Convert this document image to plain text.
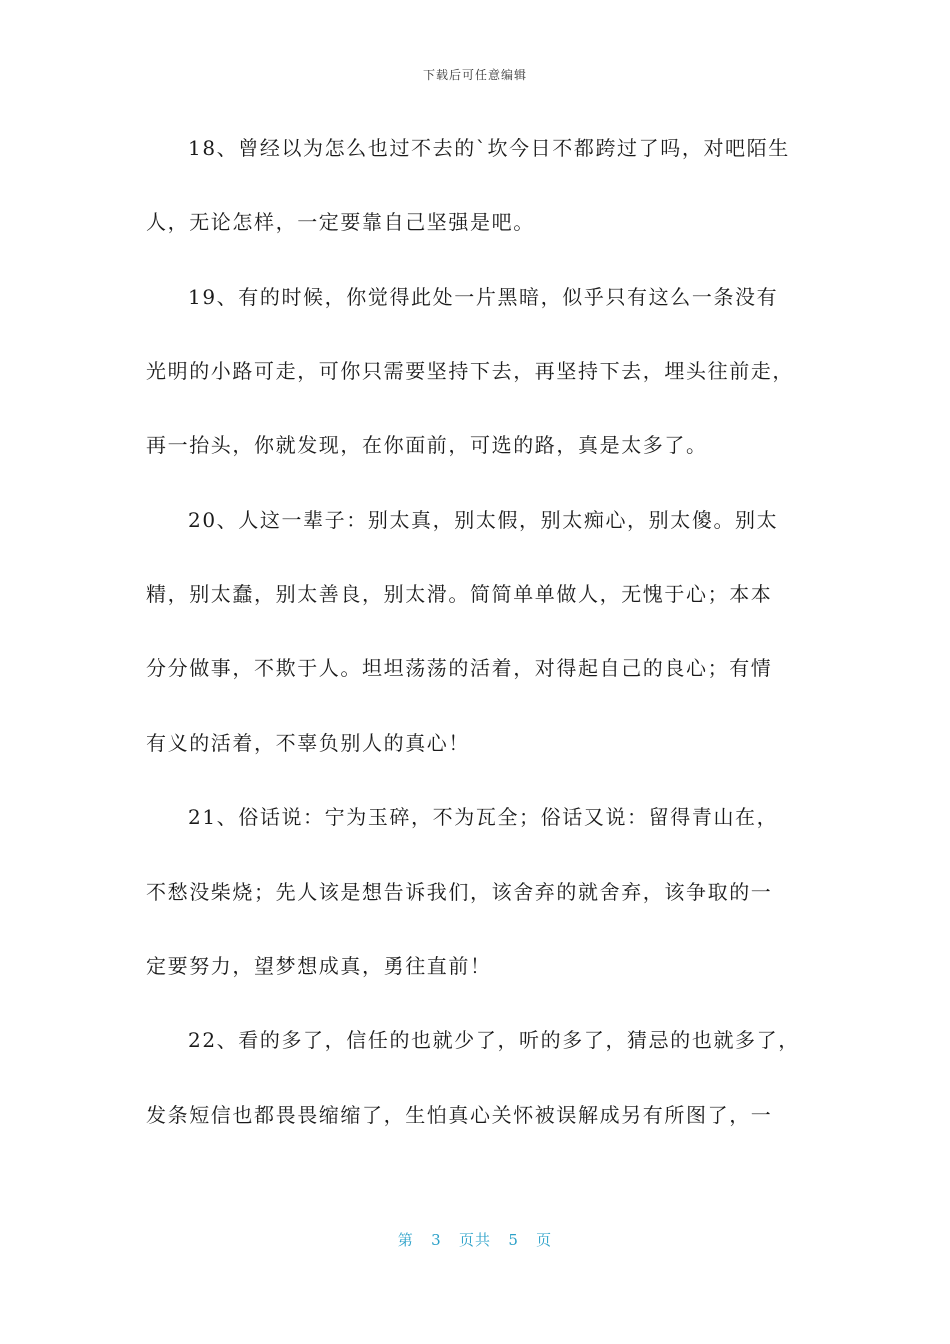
下载后可任意编辑
18、曾经以为怎么也过不去的`坎今日不都跨过了吗，对吧陌生
人，无论怎样，一定要靠自己坚强是吧。
19、有的时候，你觉得此处一片黑暗，似乎只有这么一条没有
光明的小路可走，可你只需要坚持下去，再坚持下去，埋头往前走，
再一抬头，你就发现，在你面前，可选的路，真是太多了。
20、人这一辈子：别太真，别太假，别太痴心，别太傻。别太
精，别太蠢，别太善良，别太滑。简简单单做人，无愧于心；本本
分分做事，不欺于人。坦坦荡荡的活着，对得起自己的良心；有情
有义的活着，不辜负别人的真心！
21、俗话说：宁为玉碎，不为瓦全；俗话又说：留得青山在，
不愁没柴烧；先人该是想告诉我们，该舍弃的就舍弃，该争取的一
定要努力，望梦想成真，勇往直前！
22、看的多了，信任的也就少了，听的多了，猜忌的也就多了，
发条短信也都畏畏缩缩了，生怕真心关怀被误解成另有所图了，一
第 3 页共 5 页
